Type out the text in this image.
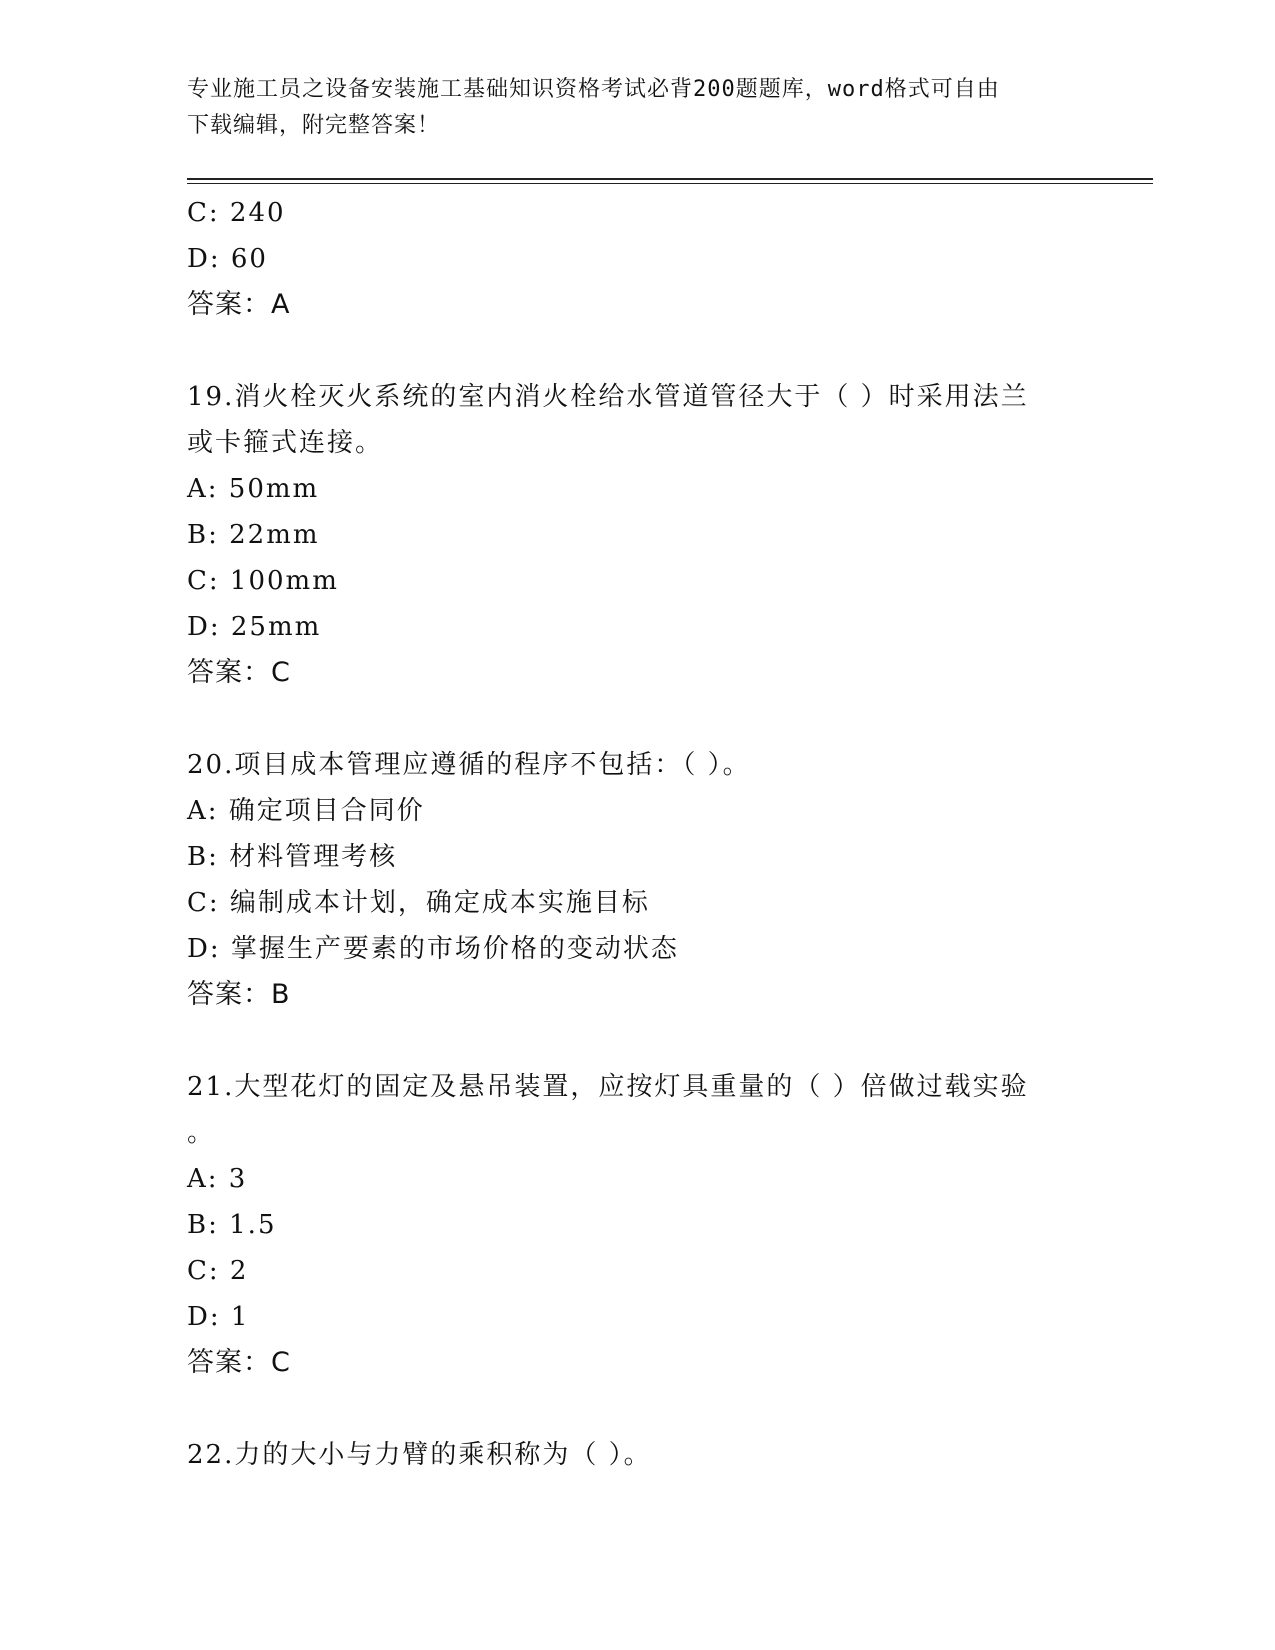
专业施工员之设备安装施工基础知识资格考试必背200题题库，word格式可自由
下载编辑，附完整答案！
C: 240
D: 60
答案：A
19.消火栓灭火系统的室内消火栓给水管道管径大于（ ）时采用法兰
或卡箍式连接。
A: 50mm
B: 22mm
C: 100mm
D: 25mm
答案：C
20.项目成本管理应遵循的程序不包括：（ ）。
A: 确定项目合同价
B: 材料管理考核
C: 编制成本计划，确定成本实施目标
D: 掌握生产要素的市场价格的变动状态
答案：B
21.大型花灯的固定及悬吊装置，应按灯具重量的（ ）倍做过载实验
。
A: 3
B: 1.5
C: 2
D: 1
答案：C
22.力的大小与力臂的乘积称为（ ）。
